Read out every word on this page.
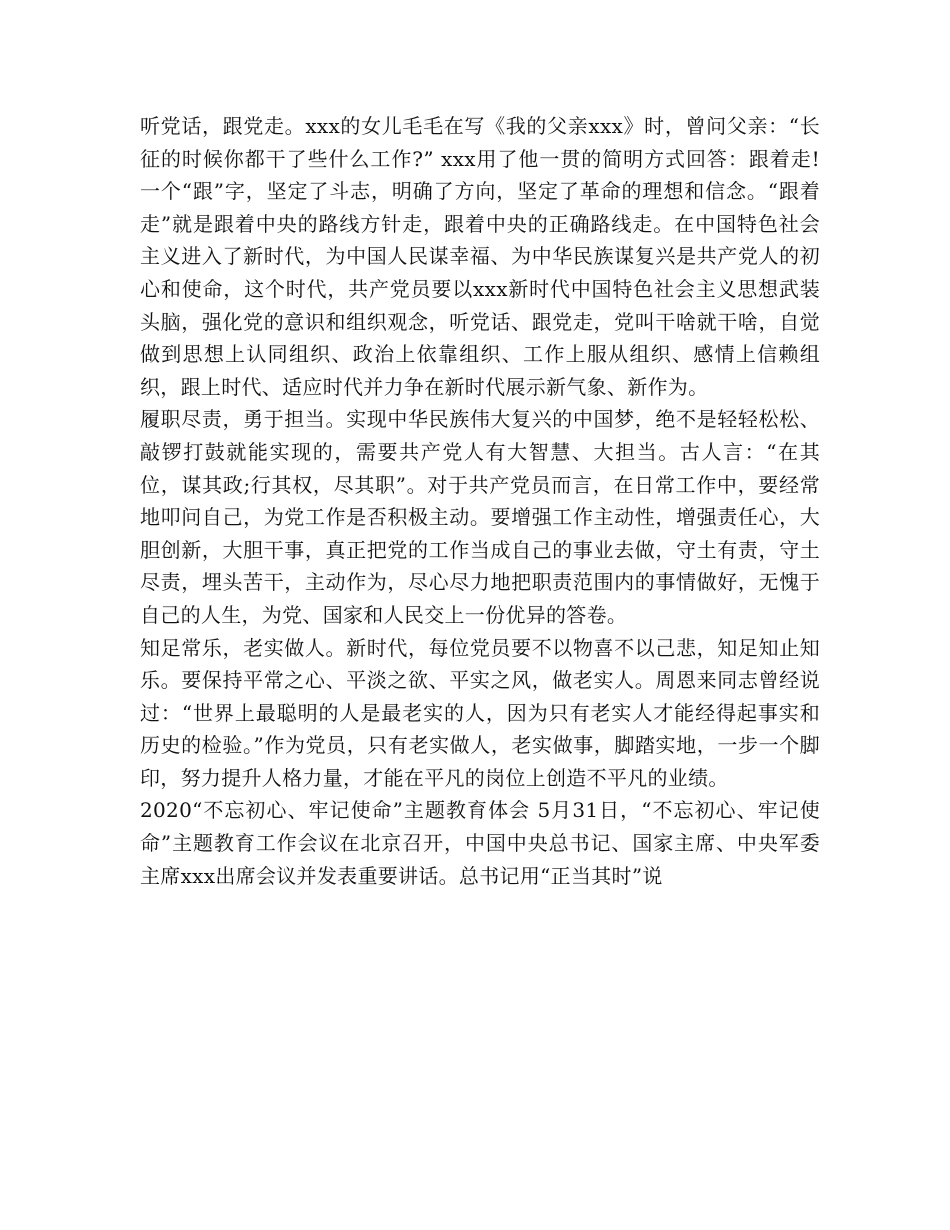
听党话，跟党走。xxx的女儿毛毛在写《我的父亲xxx》时，曾问父亲：“长征的时候你都干了些什么工作?” xxx用了他一贯的简明方式回答：跟着走!一个“跟”字，坚定了斗志，明确了方向，坚定了革命的理想和信念。“跟着走”就是跟着中央的路线方针走，跟着中央的正确路线走。在中国特色社会主义进入了新时代，为中国人民谋幸福、为中华民族谋复兴是共产党人的初心和使命，这个时代，共产党员要以xxx新时代中国特色社会主义思想武装头脑，强化党的意识和组织观念，听党话、跟党走，党叫干啥就干啥，自觉做到思想上认同组织、政治上依靠组织、工作上服从组织、感情上信赖组织，跟上时代、适应时代并力争在新时代展示新气象、新作为。

履职尽责，勇于担当。实现中华民族伟大复兴的中国梦，绝不是轻轻松松、敲锣打鼓就能实现的，需要共产党人有大智慧、大担当。古人言：“在其位，谋其政;行其权，尽其职”。对于共产党员而言，在日常工作中，要经常地叩问自己，为党工作是否积极主动。要增强工作主动性，增强责任心，大胆创新，大胆干事，真正把党的工作当成自己的事业去做，守土有责，守土尽责，埋头苦干，主动作为，尽心尽力地把职责范围内的事情做好，无愧于自己的人生，为党、国家和人民交上一份优异的答卷。

知足常乐，老实做人。新时代，每位党员要不以物喜不以己悲，知足知止知乐。要保持平常之心、平淡之欲、平实之风，做老实人。周恩来同志曾经说过：“世界上最聪明的人是最老实的人，因为只有老实人才能经得起事实和历史的检验。”作为党员，只有老实做人，老实做事，脚踏实地，一步一个脚印，努力提升人格力量，才能在平凡的岗位上创造不平凡的业绩。

2020“不忘初心、牢记使命”主题教育体会 5月31日，“不忘初心、牢记使命”主题教育工作会议在北京召开，中国中央总书记、国家主席、中央军委主席xxx出席会议并发表重要讲话。总书记用“正当其时”说
